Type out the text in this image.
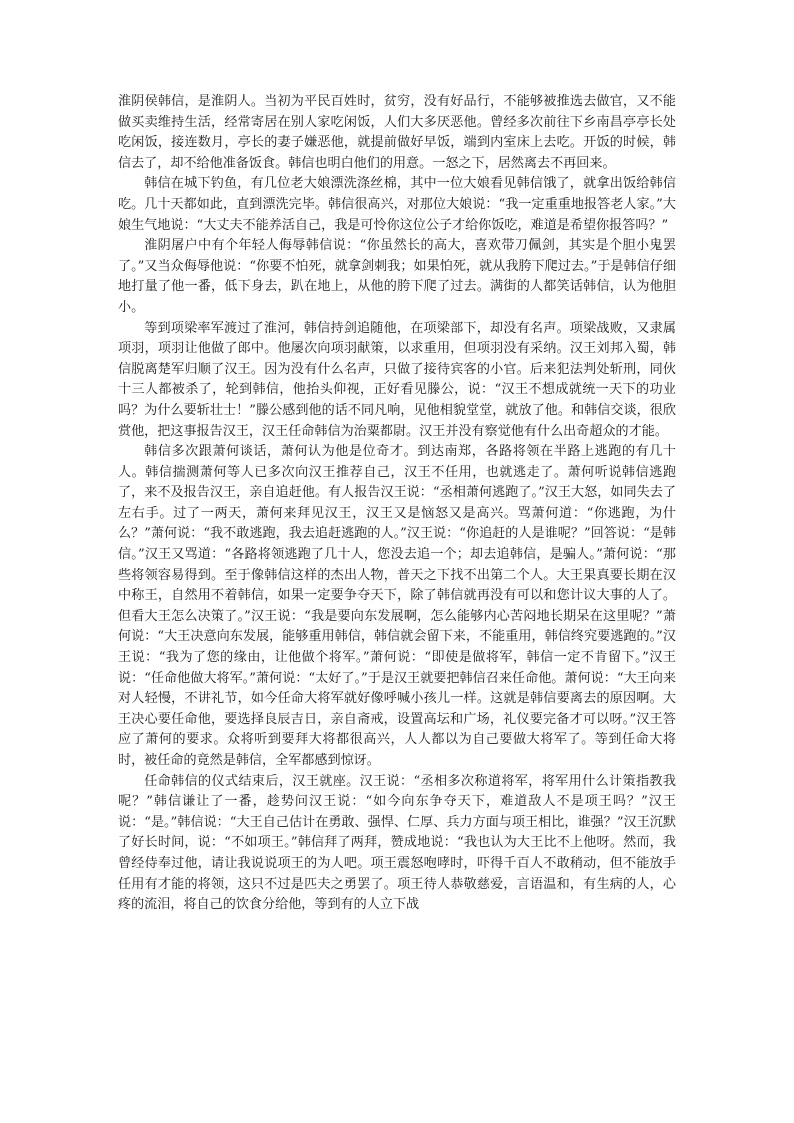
淮阴侯韩信，是淮阴人。当初为平民百姓时，贫穷，没有好品行，不能够被推选去做官，又不能做买卖维持生活，经常寄居在别人家吃闲饭，人们大多厌恶他。曾经多次前往下乡南昌亭亭长处吃闲饭，接连数月，亭长的妻子嫌恶他，就提前做好早饭，端到内室床上去吃。开饭的时候，韩信去了，却不给他准备饭食。韩信也明白他们的用意。一怒之下，居然离去不再回来。

韩信在城下钓鱼，有几位老大娘漂洗涤丝棉，其中一位大娘看见韩信饿了，就拿出饭给韩信吃。几十天都如此，直到漂洗完毕。韩信很高兴，对那位大娘说：“我一定重重地报答老人家。”大娘生气地说：“大丈夫不能养活自己，我是可怜你这位公子才给你饭吃，难道是希望你报答吗？”

淮阴屠户中有个年轻人侮辱韩信说：“你虽然长的高大，喜欢带刀佩剑，其实是个胆小鬼罢了。”又当众侮辱他说：“你要不怕死，就拿剑刺我；如果怕死，就从我胯下爬过去。”于是韩信仔细地打量了他一番，低下身去，趴在地上，从他的胯下爬了过去。满街的人都笑话韩信，认为他胆小。

等到项梁率军渡过了淮河，韩信持剑追随他，在项梁部下，却没有名声。项梁战败，又隶属项羽，项羽让他做了郎中。他屡次向项羽献策，以求重用，但项羽没有采纳。汉王刘邦入蜀，韩信脱离楚军归顺了汉王。因为没有什么名声，只做了接待宾客的小官。后来犯法判处斩刑，同伙十三人都被杀了，轮到韩信，他抬头仰视，正好看见滕公，说：“汉王不想成就统一天下的功业吗？为什么要斩壮士！”滕公感到他的话不同凡响，见他相貌堂堂，就放了他。和韩信交谈，很欣赏他，把这事报告汉王，汉王任命韩信为治粟都尉。汉王并没有察觉他有什么出奇超众的才能。

韩信多次跟萧何谈话，萧何认为他是位奇才。到达南郑，各路将领在半路上逃跑的有几十人。韩信揣测萧何等人已多次向汉王推荐自己，汉王不任用，也就逃走了。萧何听说韩信逃跑了，来不及报告汉王，亲自追赶他。有人报告汉王说：“丞相萧何逃跑了。”汉王大怒，如同失去了左右手。过了一两天，萧何来拜见汉王，汉王又是恼怒又是高兴。骂萧何道：“你逃跑，为什么？”萧何说：“我不敢逃跑，我去追赶逃跑的人。”汉王说：“你追赶的人是谁呢？”回答说：“是韩信。”汉王又骂道：“各路将领逃跑了几十人，您没去追一个；却去追韩信，是骗人。”萧何说：“那些将领容易得到。至于像韩信这样的杰出人物，普天之下找不出第二个人。大王果真要长期在汉中称王，自然用不着韩信，如果一定要争夺天下，除了韩信就再没有可以和您计议大事的人了。但看大王怎么决策了。”汉王说：“我是要向东发展啊，怎么能够内心苦闷地长期呆在这里呢？”萧何说：“大王决意向东发展，能够重用韩信，韩信就会留下来，不能重用，韩信终究要逃跑的。”汉王说：“我为了您的缘由，让他做个将军。”萧何说：“即使是做将军，韩信一定不肯留下。”汉王说：“任命他做大将军。”萧何说：“太好了。”于是汉王就要把韩信召来任命他。萧何说：“大王向来对人轻慢，不讲礼节，如今任命大将军就好像呼喊小孩儿一样。这就是韩信要离去的原因啊。大王决心要任命他，要选择良辰吉日，亲自斋戒，设置高坛和广场，礼仪要完备才可以呀。”汉王答应了萧何的要求。众将听到要拜大将都很高兴，人人都以为自己要做大将军了。等到任命大将时，被任命的竟然是韩信，全军都感到惊讶。

任命韩信的仪式结束后，汉王就座。汉王说：“丞相多次称道将军，将军用什么计策指教我呢？”韩信谦让了一番，趁势问汉王说：“如今向东争夺天下，难道敌人不是项王吗？”汉王说：“是。”韩信说：“大王自己估计在勇敢、强悍、仁厚、兵力方面与项王相比，谁强？”汉王沉默了好长时间，说：“不如项王。”韩信拜了两拜，赞成地说：“我也认为大王比不上他呀。然而，我曾经侍奉过他，请让我说说项王的为人吧。项王震怒咆哮时，吓得千百人不敢稍动，但不能放手任用有才能的将领，这只不过是匹夫之勇罢了。项王待人恭敬慈爱，言语温和，有生病的人，心疼的流泪，将自己的饮食分给他，等到有的人立下战
